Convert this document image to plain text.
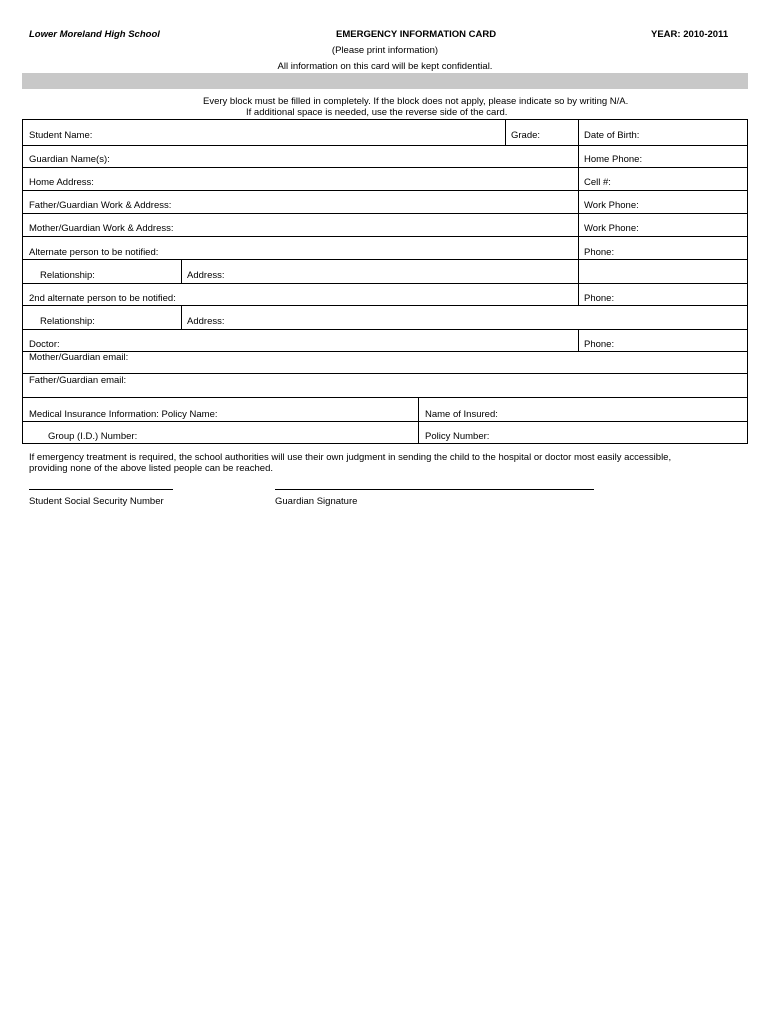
Lower Moreland High School	EMERGENCY INFORMATION CARD	YEAR: 2010-2011
(Please print information)
All information on this card will be kept confidential.
Every block must be filled in completely. If the block does not apply, please indicate so by writing N/A.
If additional space is needed, use the reverse side of the card.
Student Name:	Grade:	Date of Birth:
Guardian Name(s):	Home Phone:
Home Address:	Cell #:
Father/Guardian Work & Address:	Work Phone:
Mother/Guardian Work & Address:	Work Phone:
Alternate person to be notified:	Phone:
Relationship:	Address:
2nd alternate person to be notified:	Phone:
Relationship:	Address:
Doctor:	Phone:
Mother/Guardian email:
Father/Guardian email:
Medical Insurance Information: Policy Name:	Name of Insured:
Group (I.D.) Number:	Policy Number:
If emergency treatment is required, the school authorities will use their own judgment in sending the child to the hospital or doctor most easily accessible,
providing none of the above listed people can be reached.
Student Social Security Number	Guardian Signature
